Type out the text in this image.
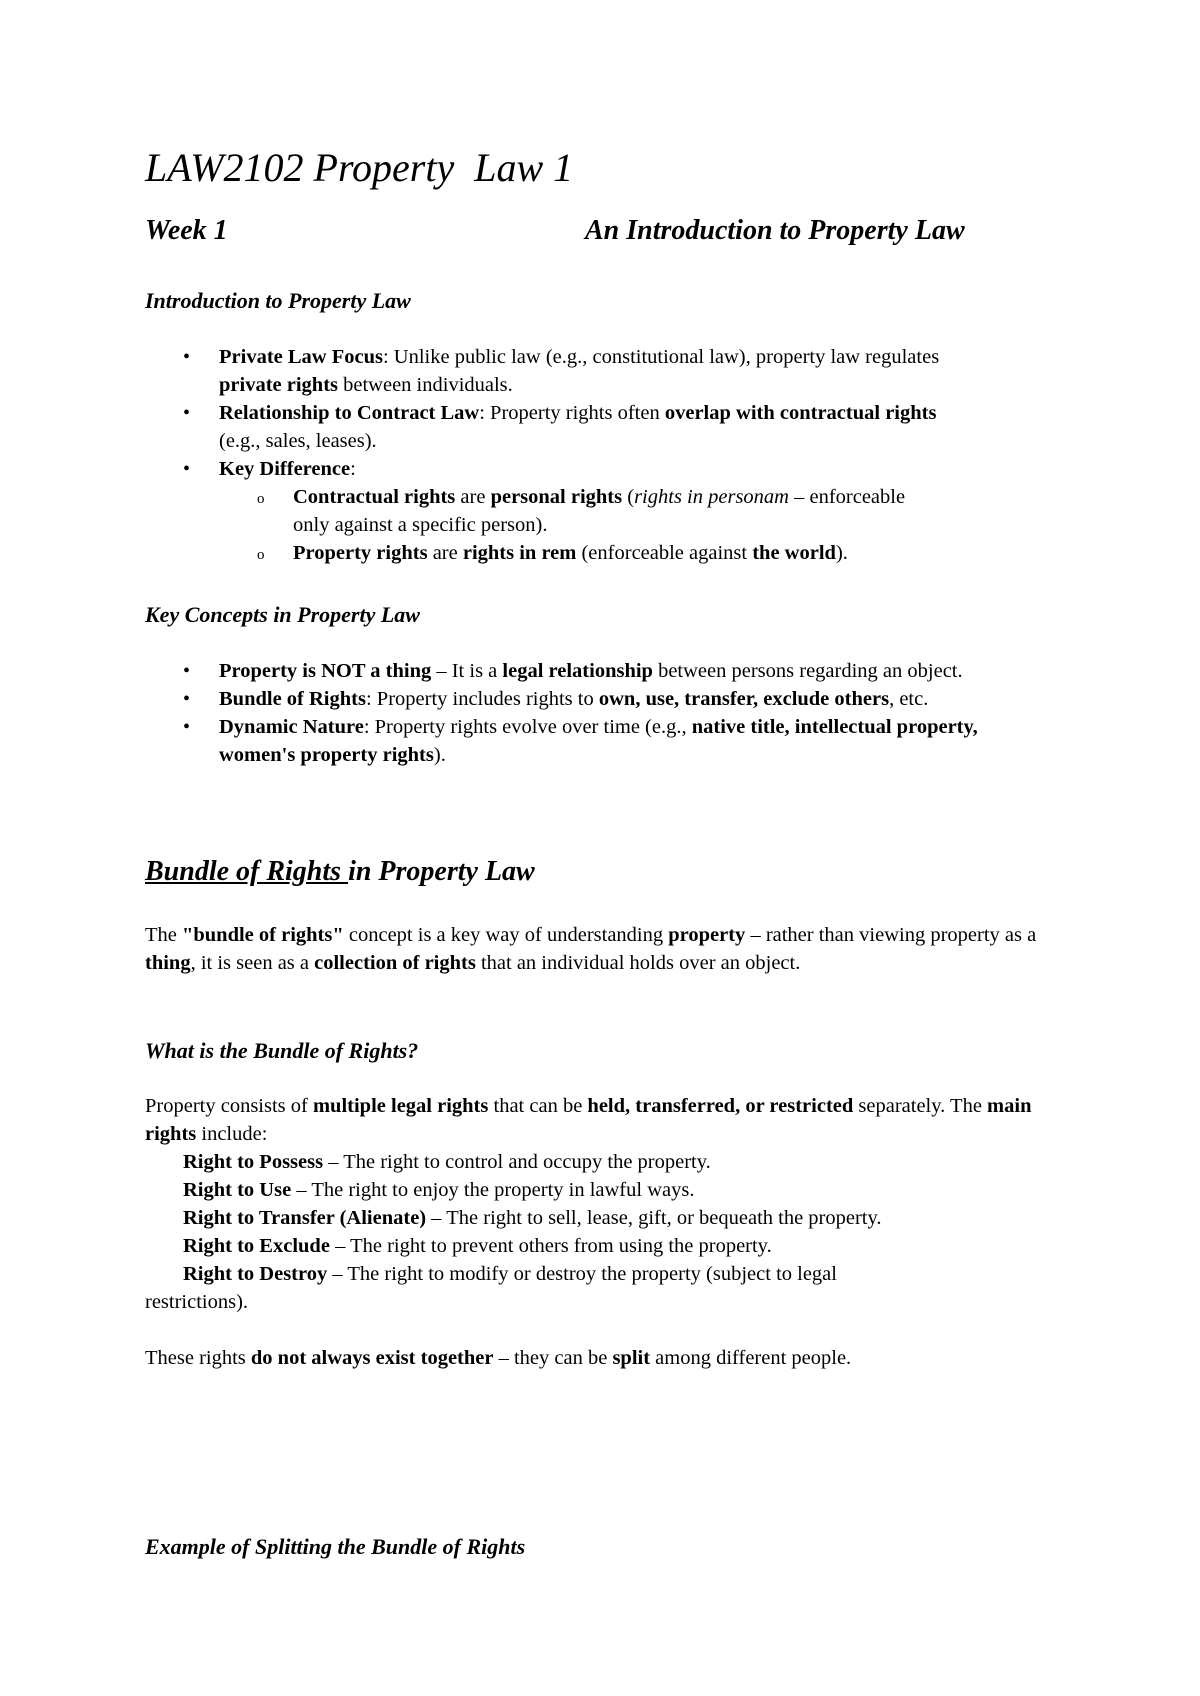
LAW2102 Property  Law 1
Week 1	An Introduction to Property Law
Introduction to Property Law
• Private Law Focus: Unlike public law (e.g., constitutional law), property law regulates private rights between individuals.
• Relationship to Contract Law: Property rights often overlap with contractual rights (e.g., sales, leases).
• Key Difference:
o	Contractual rights are personal rights (rights in personam – enforceable only against a specific person).
o	Property rights are rights in rem (enforceable against the world).
Key Concepts in Property Law
• Property is NOT a thing – It is a legal relationship between persons regarding an object.
• Bundle of Rights: Property includes rights to own, use, transfer, exclude others, etc.
• Dynamic Nature: Property rights evolve over time (e.g., native title, intellectual property, women's property rights).
Bundle of Rights in Property Law

The "bundle of rights" concept is a key way of understanding property – rather than viewing property as a thing, it is seen as a collection of rights that an individual holds over an object.

What is the Bundle of Rights?

Property consists of multiple legal rights that can be held, transferred, or restricted separately. The main rights include:

Right to Possess – The right to control and occupy the property.
Right to Use – The right to enjoy the property in lawful ways.
Right to Transfer (Alienate) – The right to sell, lease, gift, or bequeath the property.
Right to Exclude – The right to prevent others from using the property.
Right to Destroy – The right to modify or destroy the property (subject to legal
restrictions).

These rights do not always exist together – they can be split among different people.

Example of Splitting the Bundle of Rights
